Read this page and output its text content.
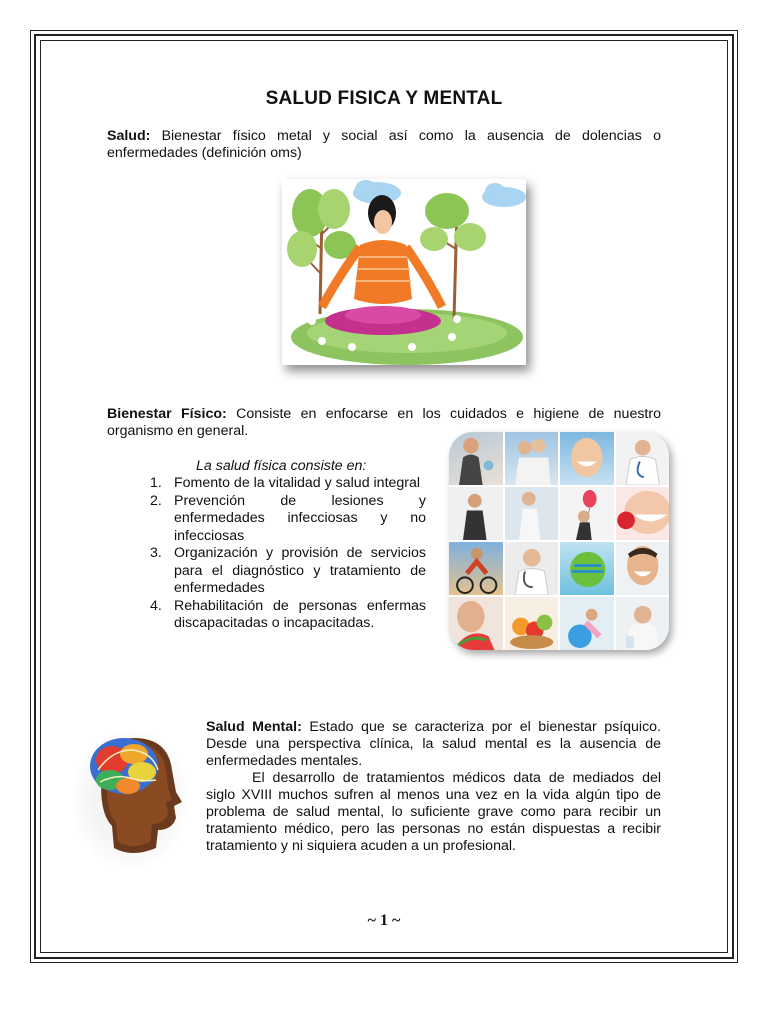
SALUD FISICA Y MENTAL
Salud: Bienestar físico metal y social así como la ausencia de dolencias o enfermedades (definición oms)
Bienestar Físico: Consiste en enfocarse en los cuidados e higiene de nuestro organismo en general.
La salud física consiste en:
1. Fomento de la vitalidad y salud integral
2. Prevención de lesiones y enfermedades infecciosas y no infecciosas
3. Organización y provisión de servicios para el diagnóstico y tratamiento de enfermedades
4. Rehabilitación de personas enfermas discapacitadas o incapacitadas.
Salud Mental: Estado que se caracteriza por el bienestar psíquico. Desde una perspectiva clínica, la salud mental es la ausencia de enfermedades mentales.
El desarrollo de tratamientos médicos data de mediados del siglo XVIII muchos sufren al menos una vez en la vida algún tipo de problema de salud mental, lo suficiente grave como para recibir un tratamiento médico, pero las personas no están dispuestas a recibir tratamiento y ni siquiera acuden a un profesional.
~ 1 ~
